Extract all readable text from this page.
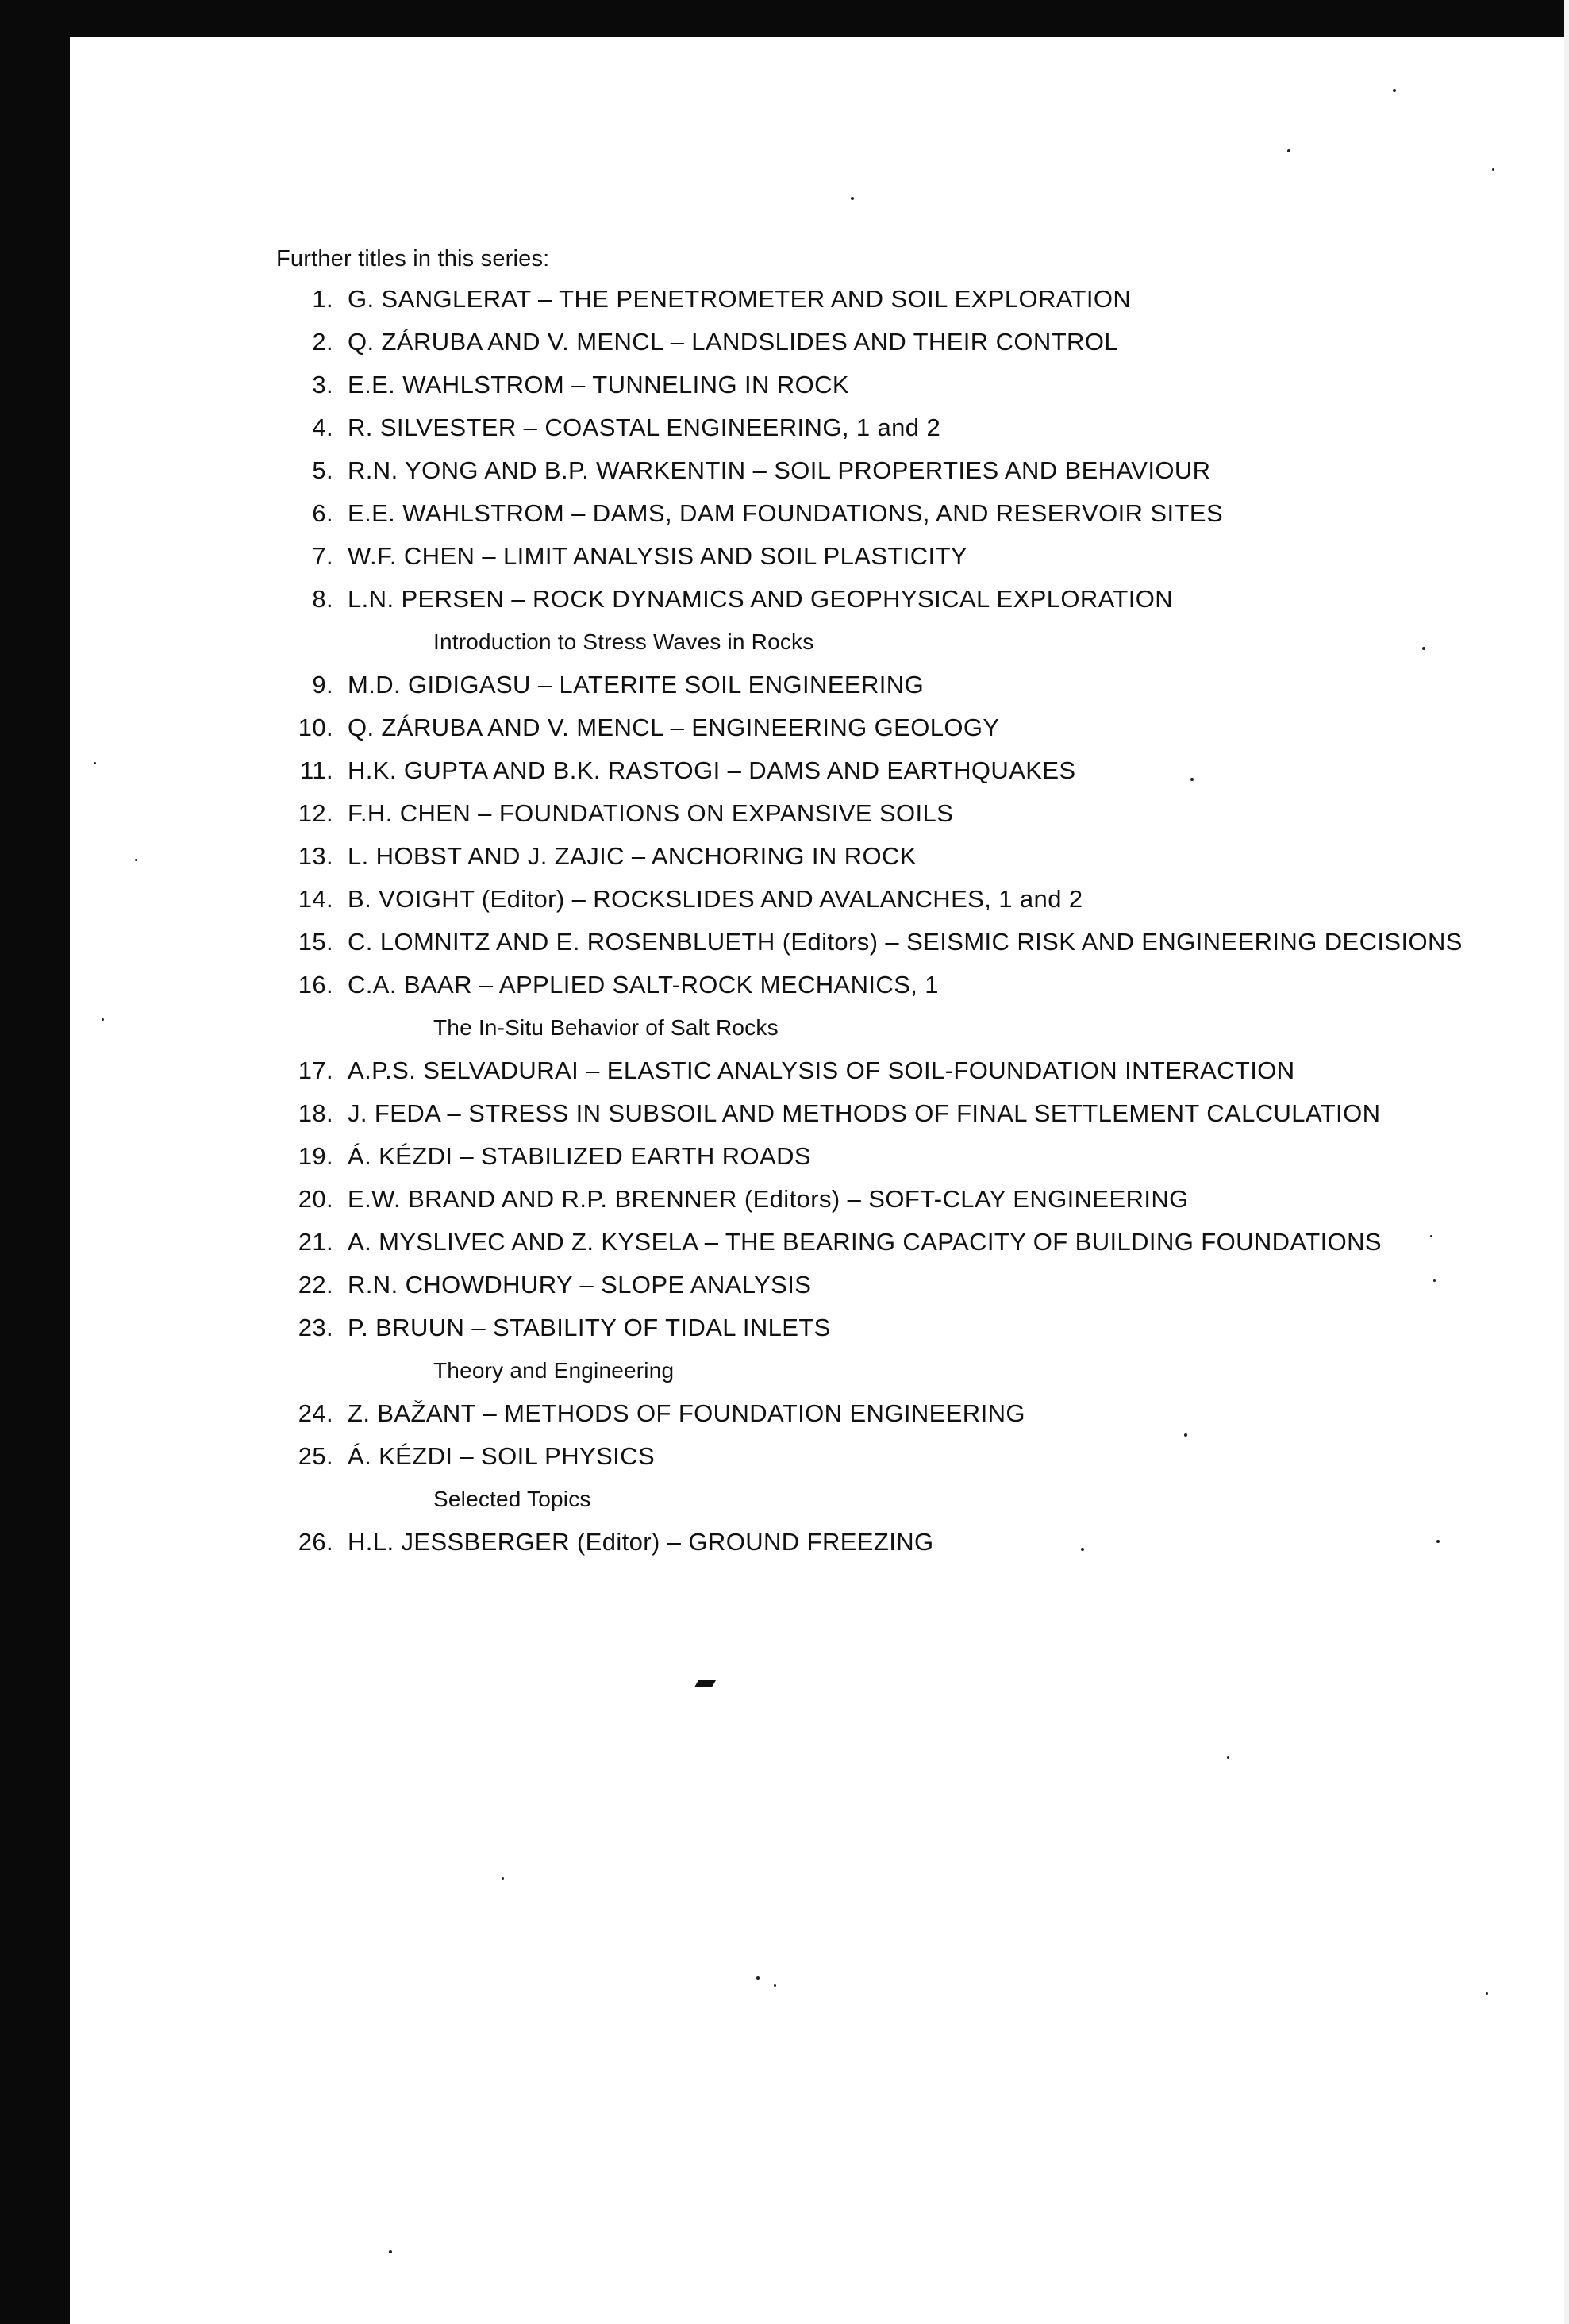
Further titles in this series:
1. G. SANGLERAT – THE PENETROMETER AND SOIL EXPLORATION
2. Q. ZÁRUBA AND V. MENCL – LANDSLIDES AND THEIR CONTROL
3. E.E. WAHLSTROM – TUNNELING IN ROCK
4. R. SILVESTER – COASTAL ENGINEERING, 1 and 2
5. R.N. YONG AND B.P. WARKENTIN – SOIL PROPERTIES AND BEHAVIOUR
6. E.E. WAHLSTROM – DAMS, DAM FOUNDATIONS, AND RESERVOIR SITES
7. W.F. CHEN – LIMIT ANALYSIS AND SOIL PLASTICITY
8. L.N. PERSEN – ROCK DYNAMICS AND GEOPHYSICAL EXPLORATION
Introduction to Stress Waves in Rocks
9. M.D. GIDIGASU – LATERITE SOIL ENGINEERING
10. Q. ZÁRUBA AND V. MENCL – ENGINEERING GEOLOGY
11. H.K. GUPTA AND B.K. RASTOGI – DAMS AND EARTHQUAKES
12. F.H. CHEN – FOUNDATIONS ON EXPANSIVE SOILS
13. L. HOBST AND J. ZAJIC – ANCHORING IN ROCK
14. B. VOIGHT (Editor) – ROCKSLIDES AND AVALANCHES, 1 and 2
15. C. LOMNITZ AND E. ROSENBLUETH (Editors) – SEISMIC RISK AND ENGINEERING DECISIONS
16. C.A. BAAR – APPLIED SALT-ROCK MECHANICS, 1
The In-Situ Behavior of Salt Rocks
17. A.P.S. SELVADURAI – ELASTIC ANALYSIS OF SOIL-FOUNDATION INTERACTION
18. J. FEDA – STRESS IN SUBSOIL AND METHODS OF FINAL SETTLEMENT CALCULATION
19. Á. KÉZDI – STABILIZED EARTH ROADS
20. E.W. BRAND AND R.P. BRENNER (Editors) – SOFT-CLAY ENGINEERING
21. A. MYSLIVEC AND Z. KYSELA – THE BEARING CAPACITY OF BUILDING FOUNDATIONS
22. R.N. CHOWDHURY – SLOPE ANALYSIS
23. P. BRUUN – STABILITY OF TIDAL INLETS
Theory and Engineering
24. Z. BAŽANT – METHODS OF FOUNDATION ENGINEERING
25. Á. KÉZDI – SOIL PHYSICS
Selected Topics
26. H.L. JESSBERGER (Editor) – GROUND FREEZING
